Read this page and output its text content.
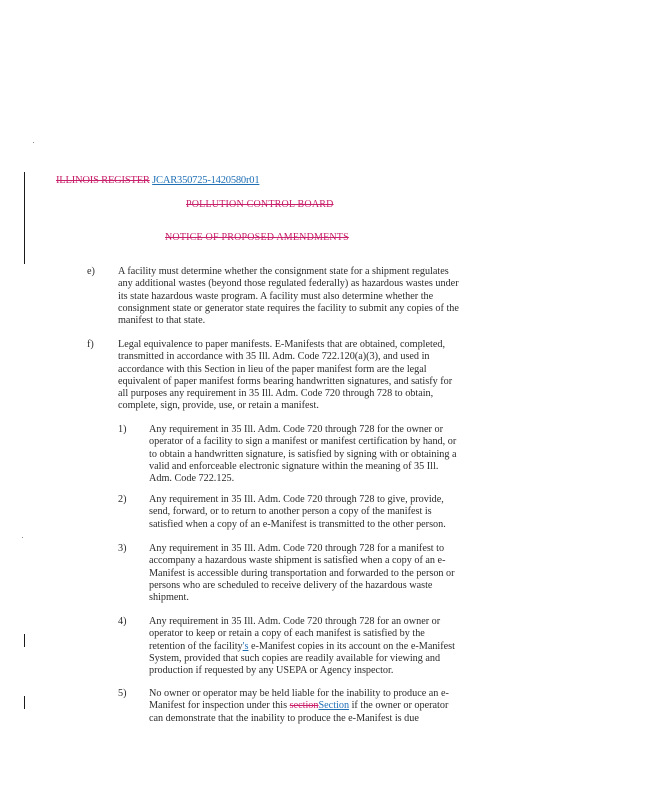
ILLINOIS REGISTER JCAR350725-1420580r01
POLLUTION CONTROL BOARD
NOTICE OF PROPOSED AMENDMENTS
e) A facility must determine whether the consignment state for a shipment regulates any additional wastes (beyond those regulated federally) as hazardous wastes under its state hazardous waste program. A facility must also determine whether the consignment state or generator state requires the facility to submit any copies of the manifest to that state.
f) Legal equivalence to paper manifests. E-Manifests that are obtained, completed, transmitted in accordance with 35 Ill. Adm. Code 722.120(a)(3), and used in accordance with this Section in lieu of the paper manifest form are the legal equivalent of paper manifest forms bearing handwritten signatures, and satisfy for all purposes any requirement in 35 Ill. Adm. Code 720 through 728 to obtain, complete, sign, provide, use, or retain a manifest.
1) Any requirement in 35 Ill. Adm. Code 720 through 728 for the owner or operator of a facility to sign a manifest or manifest certification by hand, or to obtain a handwritten signature, is satisfied by signing with or obtaining a valid and enforceable electronic signature within the meaning of 35 Ill. Adm. Code 722.125.
2) Any requirement in 35 Ill. Adm. Code 720 through 728 to give, provide, send, forward, or to return to another person a copy of the manifest is satisfied when a copy of an e-Manifest is transmitted to the other person.
3) Any requirement in 35 Ill. Adm. Code 720 through 728 for a manifest to accompany a hazardous waste shipment is satisfied when a copy of an e-Manifest is accessible during transportation and forwarded to the person or persons who are scheduled to receive delivery of the hazardous waste shipment.
4) Any requirement in 35 Ill. Adm. Code 720 through 728 for an owner or operator to keep or retain a copy of each manifest is satisfied by the retention of the facility's e-Manifest copies in its account on the e-Manifest System, provided that such copies are readily available for viewing and production if requested by any USEPA or Agency inspector.
5) No owner or operator may be held liable for the inability to produce an e-Manifest for inspection under this sectionSection if the owner or operator can demonstrate that the inability to produce the e-Manifest is due
